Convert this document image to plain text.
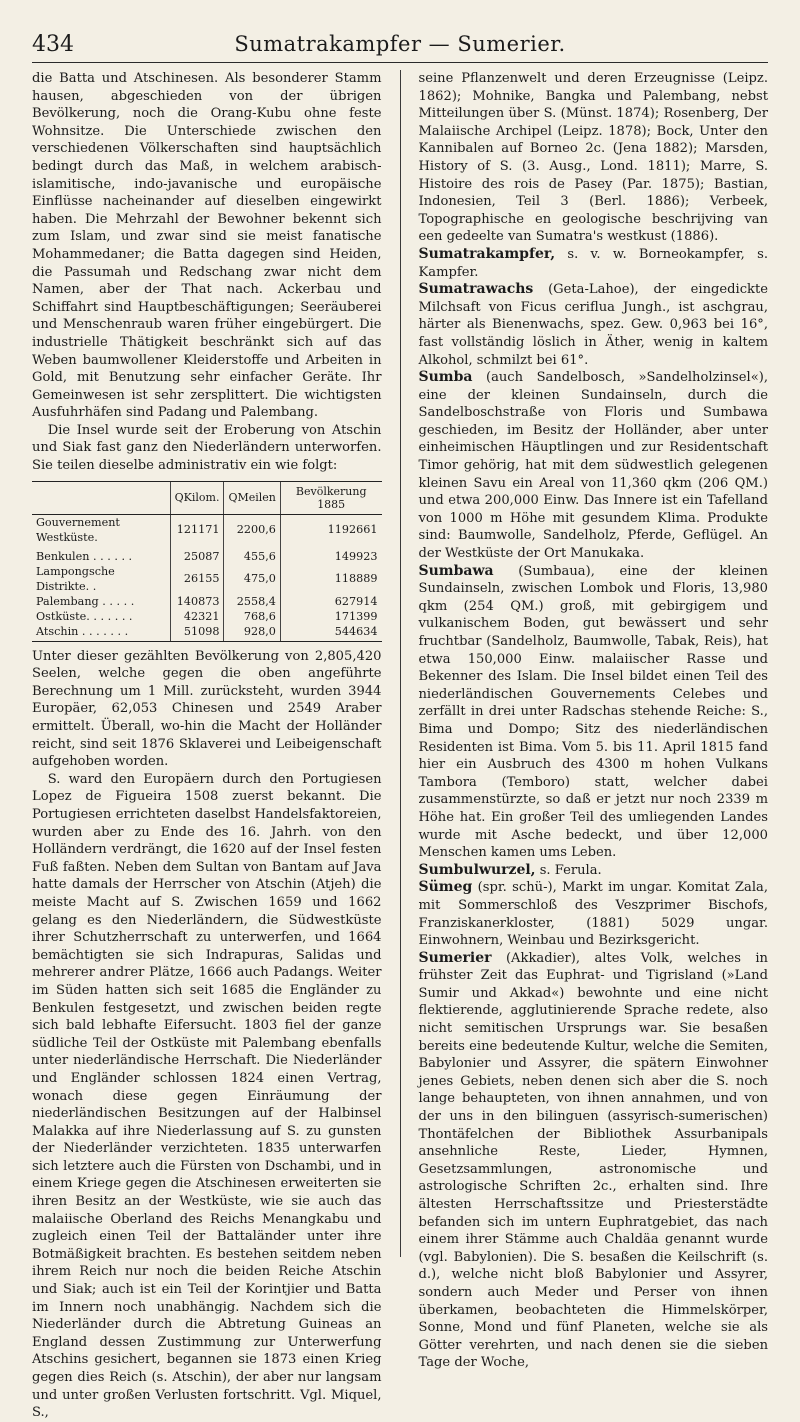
434	Sumatrakampfer — Sumerier.

die Batta und Atschinesen. Als besonderer Stamm hausen, abgeschieden von der übrigen Bevölkerung, noch die Orang-Kubu ohne feste Wohnsitze. Die Unterschiede zwischen den verschiedenen Völkerschaften sind hauptsächlich bedingt durch das Maß, in welchem arabisch-islamitische, indo-javanische und europäische Einflüsse nacheinander auf dieselben eingewirkt haben. Die Mehrzahl der Bewohner bekennt sich zum Islam, und zwar sind sie meist fanatische Mohammedaner; die Batta dagegen sind Heiden, die Passumah und Redschang zwar nicht dem Namen, aber der That nach. Ackerbau und Schiffahrt sind Hauptbeschäftigungen; Seeräuberei und Menschenraub waren früher eingebürgert. Die industrielle Thätigkeit beschränkt sich auf das Weben baumwollener Kleiderstoffe und Arbeiten in Gold, mit Benutzung sehr einfacher Geräte. Ihr Gemeinwesen ist sehr zersplittert. Die wichtigsten Ausfuhrhäfen sind Padang und Palembang.

Die Insel wurde seit der Eroberung von Atschin und Siak fast ganz den Niederländern unterworfen. Sie teilen dieselbe administrativ ein wie folgt:

	QKilom.	QMeilen	Bevölkerung 1885
Gouvernement Westküste.	121171	2200,6	1192661
Benkulen . . . . . .	25087	455,6	149923
Lampongsche Distrikte. .	26155	475,0	118889
Palembang . . . . .	140873	2558,4	627914
Ostküste. . . . . . .	42321	768,6	171399
Atschin . . . . . . .	51098	928,0	544634

Unter dieser gezählten Bevölkerung von 2,805,420 Seelen, welche gegen die oben angeführte Berechnung um 1 Mill. zurücksteht, wurden 3944 Europäer, 62,053 Chinesen und 2549 Araber ermittelt. Überall, wo-hin die Macht der Holländer reicht, sind seit 1876 Sklaverei und Leibeigenschaft aufgehoben worden.

S. ward den Europäern durch den Portugiesen Lopez de Figueira 1508 zuerst bekannt. Die Portugiesen errichteten daselbst Handelsfaktoreien, wurden aber zu Ende des 16. Jahrh. von den Holländern verdrängt, die 1620 auf der Insel festen Fuß faßten. Neben dem Sultan von Bantam auf Java hatte damals der Herrscher von Atschin (Atjeh) die meiste Macht auf S. Zwischen 1659 und 1662 gelang es den Niederländern, die Südwestküste ihrer Schutzherrschaft zu unterwerfen, und 1664 bemächtigten sie sich Indrapuras, Salidas und mehrerer andrer Plätze, 1666 auch Padangs. Weiter im Süden hatten sich seit 1685 die Engländer zu Benkulen festgesetzt, und zwischen beiden regte sich bald lebhafte Eifersucht. 1803 fiel der ganze südliche Teil der Ostküste mit Palembang ebenfalls unter niederländische Herrschaft. Die Niederländer und Engländer schlossen 1824 einen Vertrag, wonach diese gegen Einräumung der niederländischen Besitzungen auf der Halbinsel Malakka auf ihre Niederlassung auf S. zu gunsten der Niederländer verzichteten. 1835 unterwarfen sich letztere auch die Fürsten von Dschambi, und in einem Kriege gegen die Atschinesen erweiterten sie ihren Besitz an der Westküste, wie sie auch das malaiische Oberland des Reichs Menangkabu und zugleich einen Teil der Battaländer unter ihre Botmäßigkeit brachten. Es bestehen seitdem neben ihrem Reich nur noch die beiden Reiche Atschin und Siak; auch ist ein Teil der Korintjier und Batta im Innern noch unabhängig. Nachdem sich die Niederländer durch die Abtretung Guineas an England dessen Zustimmung zur Unterwerfung Atschins gesichert, begannen sie 1873 einen Krieg gegen dies Reich (s. Atschin), der aber nur langsam und unter großen Verlusten fortschritt. Vgl. Miquel, S.,

seine Pflanzenwelt und deren Erzeugnisse (Leipz. 1862); Mohnike, Bangka und Palembang, nebst Mitteilungen über S. (Münst. 1874); Rosenberg, Der Malaiische Archipel (Leipz. 1878); Bock, Unter den Kannibalen auf Borneo 2c. (Jena 1882); Marsden, History of S. (3. Ausg., Lond. 1811); Marre, S. Histoire des rois de Pasey (Par. 1875); Bastian, Indonesien, Teil 3 (Berl. 1886); Verbeek, Topographische en geologische beschrijving van een gedeelte van Sumatra's westkust (1886).

Sumatrakampfer, s. v. w. Borneokampfer, s. Kampfer.

Sumatrawachs (Geta-Lahoe), der eingedickte Milchsaft von Ficus ceriflua Jungh., ist aschgrau, härter als Bienenwachs, spez. Gew. 0,963 bei 16°, fast vollständig löslich in Äther, wenig in kaltem Alkohol, schmilzt bei 61°.

Sumba (auch Sandelbosch, »Sandelholzinsel«), eine der kleinen Sundainseln, durch die Sandelboschstraße von Floris und Sumbawa geschieden, im Besitz der Holländer, aber unter einheimischen Häuptlingen und zur Residentschaft Timor gehörig, hat mit dem südwestlich gelegenen kleinen Savu ein Areal von 11,360 qkm (206 QM.) und etwa 200,000 Einw. Das Innere ist ein Tafelland von 1000 m Höhe mit gesundem Klima. Produkte sind: Baumwolle, Sandelholz, Pferde, Geflügel. An der Westküste der Ort Manukaka.

Sumbawa (Sumbaua), eine der kleinen Sundainseln, zwischen Lombok und Floris, 13,980 qkm (254 QM.) groß, mit gebirgigem und vulkanischem Boden, gut bewässert und sehr fruchtbar (Sandelholz, Baumwolle, Tabak, Reis), hat etwa 150,000 Einw. malaiischer Rasse und Bekenner des Islam. Die Insel bildet einen Teil des niederländischen Gouvernements Celebes und zerfällt in drei unter Radschas stehende Reiche: S., Bima und Dompo; Sitz des niederländischen Residenten ist Bima. Vom 5. bis 11. April 1815 fand hier ein Ausbruch des 4300 m hohen Vulkans Tambora (Temboro) statt, welcher dabei zusammenstürzte, so daß er jetzt nur noch 2339 m Höhe hat. Ein großer Teil des umliegenden Landes wurde mit Asche bedeckt, und über 12,000 Menschen kamen ums Leben.

Sumbulwurzel, s. Ferula.

Sümeg (spr. schü-), Markt im ungar. Komitat Zala, mit Sommerschloß des Veszprimer Bischofs, Franziskanerkloster, (1881) 5029 ungar. Einwohnern, Weinbau und Bezirksgericht.

Sumerier (Akkadier), altes Volk, welches in frühster Zeit das Euphrat- und Tigrisland (»Land Sumir und Akkad«) bewohnte und eine nicht flektierende, agglutinierende Sprache redete, also nicht semitischen Ursprungs war. Sie besaßen bereits eine bedeutende Kultur, welche die Semiten, Babylonier und Assyrer, die spätern Einwohner jenes Gebiets, neben denen sich aber die S. noch lange behaupteten, von ihnen annahmen, und von der uns in den bilinguen (assyrisch-sumerischen) Thontäfelchen der Bibliothek Assurbanipals ansehnliche Reste, Lieder, Hymnen, Gesetzsammlungen, astronomische und astrologische Schriften 2c., erhalten sind. Ihre ältesten Herrschaftssitze und Priesterstädte befanden sich im untern Euphratgebiet, das nach einem ihrer Stämme auch Chaldäa genannt wurde (vgl. Babylonien). Die S. besaßen die Keilschrift (s. d.), welche nicht bloß Babylonier und Assyrer, sondern auch Meder und Perser von ihnen überkamen, beobachteten die Himmelskörper, Sonne, Mond und fünf Planeten, welche sie als Götter verehrten, und nach denen sie die sieben Tage der Woche,
